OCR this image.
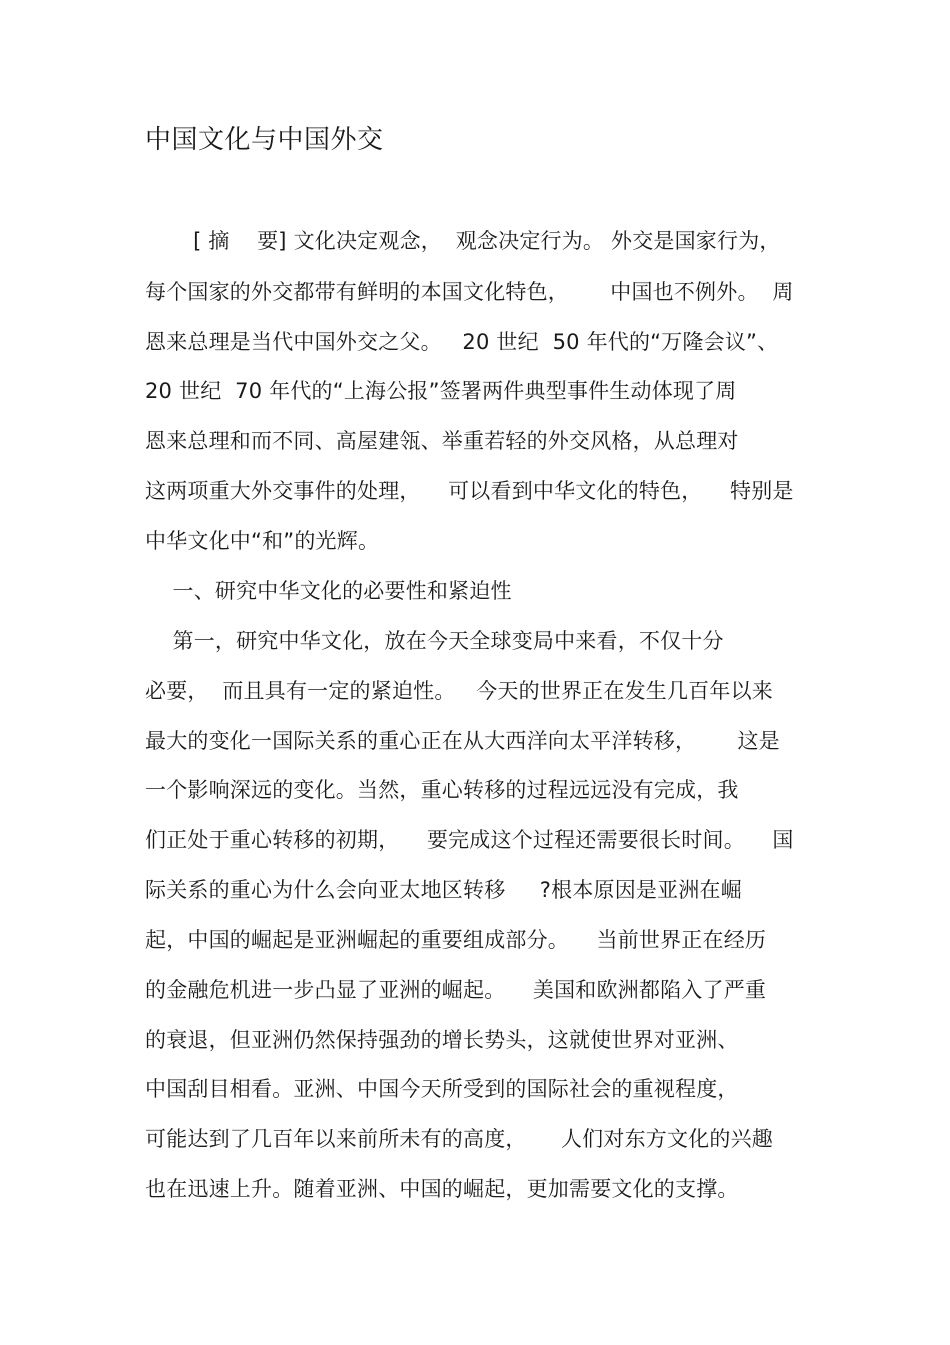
中国文化与中国外交
[ 摘    要] 文化决定观念，  观念决定行为。 外交是国家行为，
每个国家的外交都带有鲜明的本国文化特色，      中国也不例外。  周
恩来总理是当代中国外交之父。   20 世纪  50 年代的“万隆会议”、
20 世纪  70 年代的“上海公报”签署两件典型事件生动体现了周
恩来总理和而不同、高屋建瓴、举重若轻的外交风格，从总理对
这两项重大外交事件的处理，    可以看到中华文化的特色，    特别是
中华文化中“和”的光辉。
一、研究中华文化的必要性和紧迫性
第一，研究中华文化，放在今天全球变局中来看，不仅十分
必要，  而且具有一定的紧迫性。   今天的世界正在发生几百年以来
最大的变化一国际关系的重心正在从大西洋向太平洋转移，      这是
一个影响深远的变化。当然，重心转移的过程远远没有完成，我
们正处于重心转移的初期，    要完成这个过程还需要很长时间。    国
际关系的重心为什么会向亚太地区转移     ?根本原因是亚洲在崛
起，中国的崛起是亚洲崛起的重要组成部分。    当前世界正在经历
的金融危机进一步凸显了亚洲的崛起。    美国和欧洲都陷入了严重
的衰退，但亚洲仍然保持强劲的增长势头，这就使世界对亚洲、
中国刮目相看。亚洲、中国今天所受到的国际社会的重视程度，
可能达到了几百年以来前所未有的高度，     人们对东方文化的兴趣
也在迅速上升。随着亚洲、中国的崛起，更加需要文化的支撑。
